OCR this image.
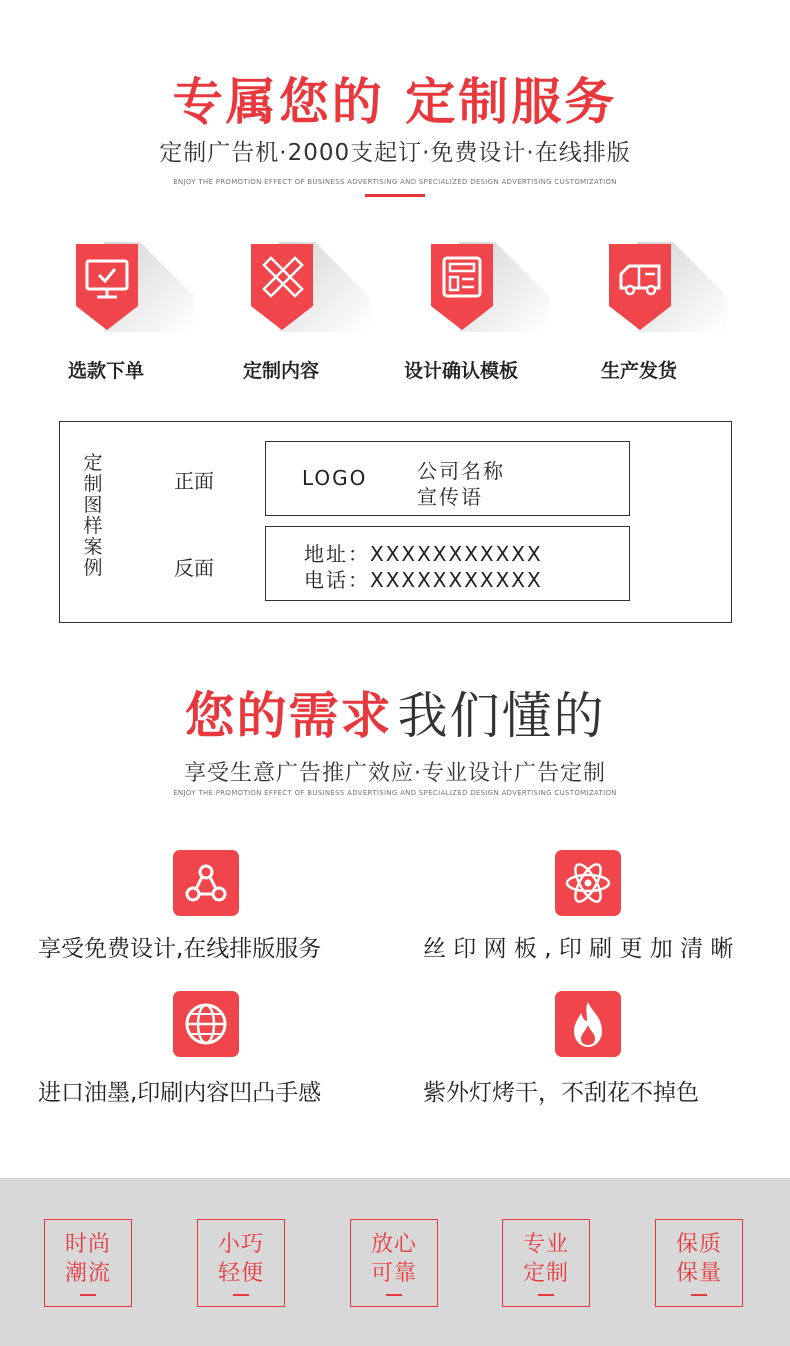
专属您的 定制服务
定制广告机·2000支起订·免费设计·在线排版
ENJOY THE PROMOTION EFFECT OF BUSINESS ADVERTISING AND SPECIALIZED DESIGN ADVERTISING CUSTOMIZATION
选款下单	定制内容	设计确认模板	生产发货
定制图样案例
正面
反面
LOGO 公司名称
宣传语
地址：XXXXXXXXXXX
电话：XXXXXXXXXXX
您的需求 我们懂的
享受生意广告推广效应·专业设计广告定制
ENJOY THE PROMOTION EFFECT OF BUSINESS ADVERTISING AND SPECIALIZED DESIGN ADVERTISING CUSTOMIZATION
享受免费设计,在线排版服务	丝 印 网 板 , 印 刷 更 加 清 晰
进口油墨,印刷内容凹凸手感	紫外灯烤干，不刮花不掉色
时尚
潮流
小巧
轻便
放心
可靠
专业
定制
保质
保量
